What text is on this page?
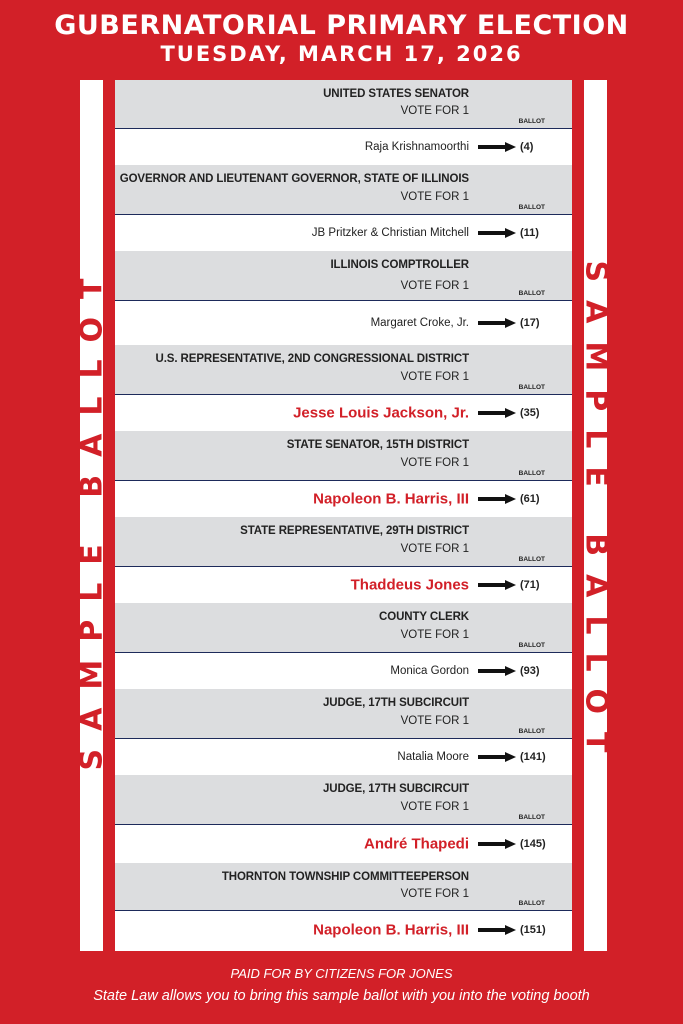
GUBERNATORIAL PRIMARY ELECTION
TUESDAY, MARCH 17, 2026
SAMPLE BALLOT	SAMPLE BALLOT
UNITED STATES SENATOR
VOTE FOR 1
BALLOT
Raja Krishnamoorthi	(4)
GOVERNOR AND LIEUTENANT GOVERNOR, STATE OF ILLINOIS
VOTE FOR 1
BALLOT
JB Pritzker & Christian Mitchell	(11)
ILLINOIS COMPTROLLER
VOTE FOR 1
BALLOT
Margaret Croke, Jr.	(17)
U.S. REPRESENTATIVE, 2ND CONGRESSIONAL DISTRICT
VOTE FOR 1
BALLOT
Jesse Louis Jackson, Jr.	(35)
STATE SENATOR, 15TH DISTRICT
VOTE FOR 1
BALLOT
Napoleon B. Harris, III	(61)
STATE REPRESENTATIVE, 29TH DISTRICT
VOTE FOR 1
BALLOT
Thaddeus Jones	(71)
COUNTY CLERK
VOTE FOR 1
BALLOT
Monica Gordon	(93)
JUDGE, 17TH SUBCIRCUIT
VOTE FOR 1
BALLOT
Natalia Moore	(141)
JUDGE, 17TH SUBCIRCUIT
VOTE FOR 1
BALLOT
André Thapedi	(145)
THORNTON TOWNSHIP COMMITTEEPERSON
VOTE FOR 1
BALLOT
Napoleon B. Harris, III	(151)
PAID FOR BY CITIZENS FOR JONES
State Law allows you to bring this sample ballot with you into the voting booth
